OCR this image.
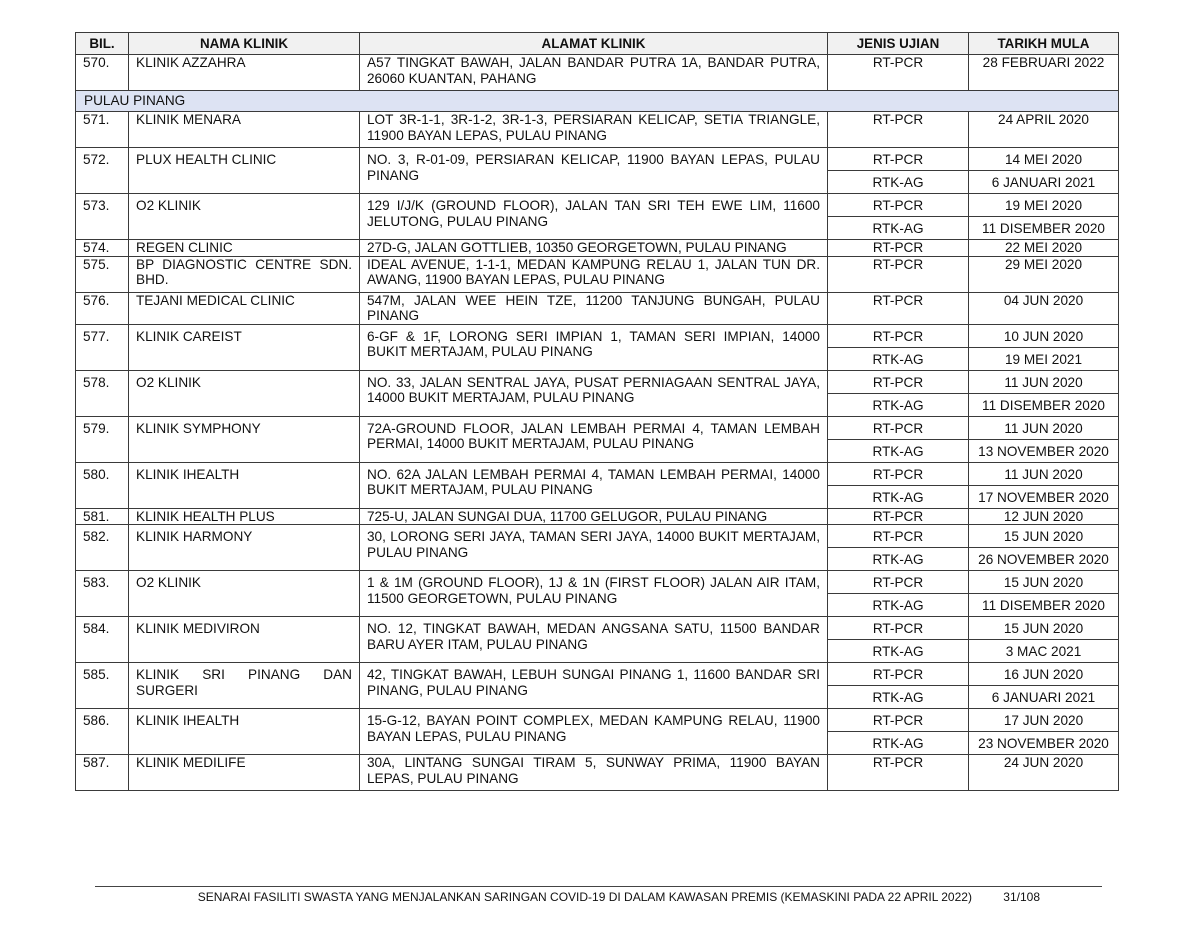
BIL.	NAMA KLINIK	ALAMAT KLINIK	JENIS UJIAN	TARIKH MULA
570.	KLINIK AZZAHRA	A57 TINGKAT BAWAH, JALAN BANDAR PUTRA 1A, BANDAR PUTRA, 26060 KUANTAN, PAHANG	RT-PCR	28 FEBRUARI 2022
PULAU PINANG				
571.	KLINIK MENARA	LOT 3R-1-1, 3R-1-2, 3R-1-3, PERSIARAN KELICAP, SETIA TRIANGLE, 11900 BAYAN LEPAS, PULAU PINANG	RT-PCR	24 APRIL 2020
572.	PLUX HEALTH CLINIC	NO. 3, R-01-09, PERSIARAN KELICAP, 11900 BAYAN LEPAS, PULAU PINANG	RT-PCR	14 MEI 2020
			RTK-AG	6 JANUARI 2021
573.	O2 KLINIK	129 I/J/K (GROUND FLOOR), JALAN TAN SRI TEH EWE LIM, 11600 JELUTONG, PULAU PINANG	RT-PCR	19 MEI 2020
			RTK-AG	11 DISEMBER 2020
574.	REGEN CLINIC	27D-G, JALAN GOTTLIEB, 10350 GEORGETOWN, PULAU PINANG	RT-PCR	22 MEI 2020
575.	BP DIAGNOSTIC CENTRE SDN. BHD.	IDEAL AVENUE, 1-1-1, MEDAN KAMPUNG RELAU 1, JALAN TUN DR. AWANG, 11900 BAYAN LEPAS, PULAU PINANG	RT-PCR	29 MEI 2020
576.	TEJANI MEDICAL CLINIC	547M, JALAN WEE HEIN TZE, 11200 TANJUNG BUNGAH, PULAU PINANG	RT-PCR	04 JUN 2020
577.	KLINIK CAREIST	6-GF & 1F, LORONG SERI IMPIAN 1, TAMAN SERI IMPIAN, 14000 BUKIT MERTAJAM, PULAU PINANG	RT-PCR	10 JUN 2020
			RTK-AG	19 MEI 2021
578.	O2 KLINIK	NO. 33, JALAN SENTRAL JAYA, PUSAT PERNIAGAAN SENTRAL JAYA, 14000 BUKIT MERTAJAM, PULAU PINANG	RT-PCR	11 JUN 2020
			RTK-AG	11 DISEMBER 2020
579.	KLINIK SYMPHONY	72A-GROUND FLOOR, JALAN LEMBAH PERMAI 4, TAMAN LEMBAH PERMAI, 14000 BUKIT MERTAJAM, PULAU PINANG	RT-PCR	11 JUN 2020
			RTK-AG	13 NOVEMBER 2020
580.	KLINIK IHEALTH	NO. 62A JALAN LEMBAH PERMAI 4, TAMAN LEMBAH PERMAI, 14000 BUKIT MERTAJAM, PULAU PINANG	RT-PCR	11 JUN 2020
			RTK-AG	17 NOVEMBER 2020
581.	KLINIK HEALTH PLUS	725-U, JALAN SUNGAI DUA, 11700 GELUGOR, PULAU PINANG	RT-PCR	12 JUN 2020
582.	KLINIK HARMONY	30, LORONG SERI JAYA, TAMAN SERI JAYA, 14000 BUKIT MERTAJAM, PULAU PINANG	RT-PCR	15 JUN 2020
			RTK-AG	26 NOVEMBER 2020
583.	O2 KLINIK	1 & 1M (GROUND FLOOR), 1J & 1N (FIRST FLOOR) JALAN AIR ITAM, 11500 GEORGETOWN, PULAU PINANG	RT-PCR	15 JUN 2020
			RTK-AG	11 DISEMBER 2020
584.	KLINIK MEDIVIRON	NO. 12, TINGKAT BAWAH, MEDAN ANGSANA SATU, 11500 BANDAR BARU AYER ITAM, PULAU PINANG	RT-PCR	15 JUN 2020
			RTK-AG	3 MAC 2021
585.	KLINIK SRI PINANG DAN SURGERI	42, TINGKAT BAWAH, LEBUH SUNGAI PINANG 1, 11600 BANDAR SRI PINANG, PULAU PINANG	RT-PCR	16 JUN 2020
			RTK-AG	6 JANUARI 2021
586.	KLINIK IHEALTH	15-G-12, BAYAN POINT COMPLEX, MEDAN KAMPUNG RELAU, 11900 BAYAN LEPAS, PULAU PINANG	RT-PCR	17 JUN 2020
			RTK-AG	23 NOVEMBER 2020
587.	KLINIK MEDILIFE	30A, LINTANG SUNGAI TIRAM 5, SUNWAY PRIMA, 11900 BAYAN LEPAS, PULAU PINANG	RT-PCR	24 JUN 2020
SENARAI FASILITI SWASTA YANG MENJALANKAN SARINGAN COVID-19 DI DALAM KAWASAN PREMIS (KEMASKINI PADA 22 APRIL 2022)	31/108
